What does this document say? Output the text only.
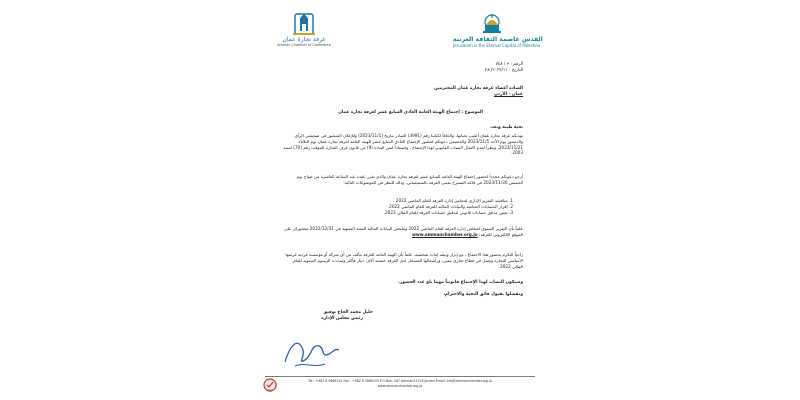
غرفة تجارة عمان
Amman Chamber of Commerce
القدس عاصمة الثقافة العربية
Jerusalem is the Eternal Capital of Palestine
الرقم : ٣ / ٧٤٨
التاريخ : ٢٠٢٣/١١/ ٢٨
السادة أعضاء غرفة تجارة عمان المحترمين
عمان - الأردن
الموضوع : إجتماع الهيئة العامة العادي السابع عشر لغرفة تجارة عمان
تحية طيبة وبعد،
تهديكم غرفة تجارة عمان أطيب تحياتها، والحاقاً لكتابنا رقم (3991) الصادر بتاريخ (2023/11/1) وللإعلان المنشور في صحيفتي الرأي والدستور يوم الأحد 2023/11/5 والمتضمن دعوتكم لحضور الإجتماع العادي السابع عشر للهيئة العامة لغرفة تجارة عمان يوم الثلاثاء 2023/11/21، ونظراً لعدم اكتمال النصاب القانوني لهذا الإجتماع ، واستناداً لنص المادة (9) من قانون غرف التجارة المؤقت رقم (70) لسنة 2003.
أرجو دعوتكم مجدداً لحضور إجتماع الهيئة العامة السابع عشر لغرفة تجارة عمان والذي تقرر عقده عند الساعة العاشرة من صباح يوم الخميس 2023/11/30 في قاعة المسرح بمبنى الغرفة بالشميساني، وذلك للنظر في الموضوعات التالية:
1. مناقشة التقرير الإداري لمجلس إدارة الغرفة للعام الماضي 2022 .
2. إقرار الحسابات الختامية والبيانات المالية للغرفة للعام الماضي 2022.
3. تعيين مدقق حسابات قانوني لتدقيق حسابات الغرفة للعام المالي 2023.
علماً بأن التقرير السنوي لمجلس إدارة الغرفة للعام الماضي 2022 وملخص البيانات المالية للسنة المنتهية في 2022/12/31 منشوران على الموقع الإلكتروني للغرفة: www.ammanchamber.org.jo
راجياً التكرم بحضور هذا الاجتماع ، مع إبراز وثيقة إثبات شخصية، علماً بأن الهيئة العامة للغرفة تتألف من أي شركة أو مؤسسة فردية غرضها الأساسي التجارة وتعمل في قطاع تجاري معين، ورأسمالها المسجل لدى الغرفة خمسة آلاف دينار فأكثر وسددت الرسوم السنوية للعام المالي 2022.
وسيكون النصاب لهذا الإجتماع قانونياً مهما بلغ عدد الحضور.
وتفضلوا بقبول فائق التحية والاحترام،
خليل محمد الحاج توفيق
رئيس مجلس الإدارة
ISO
Tel : +962 6 5666151 Fax : +962 6 5666155 P.O.Box: 287 Amman11118 Jordan Email: info@ammanchamber.org.jo
www.ammanchamber.org.jo
